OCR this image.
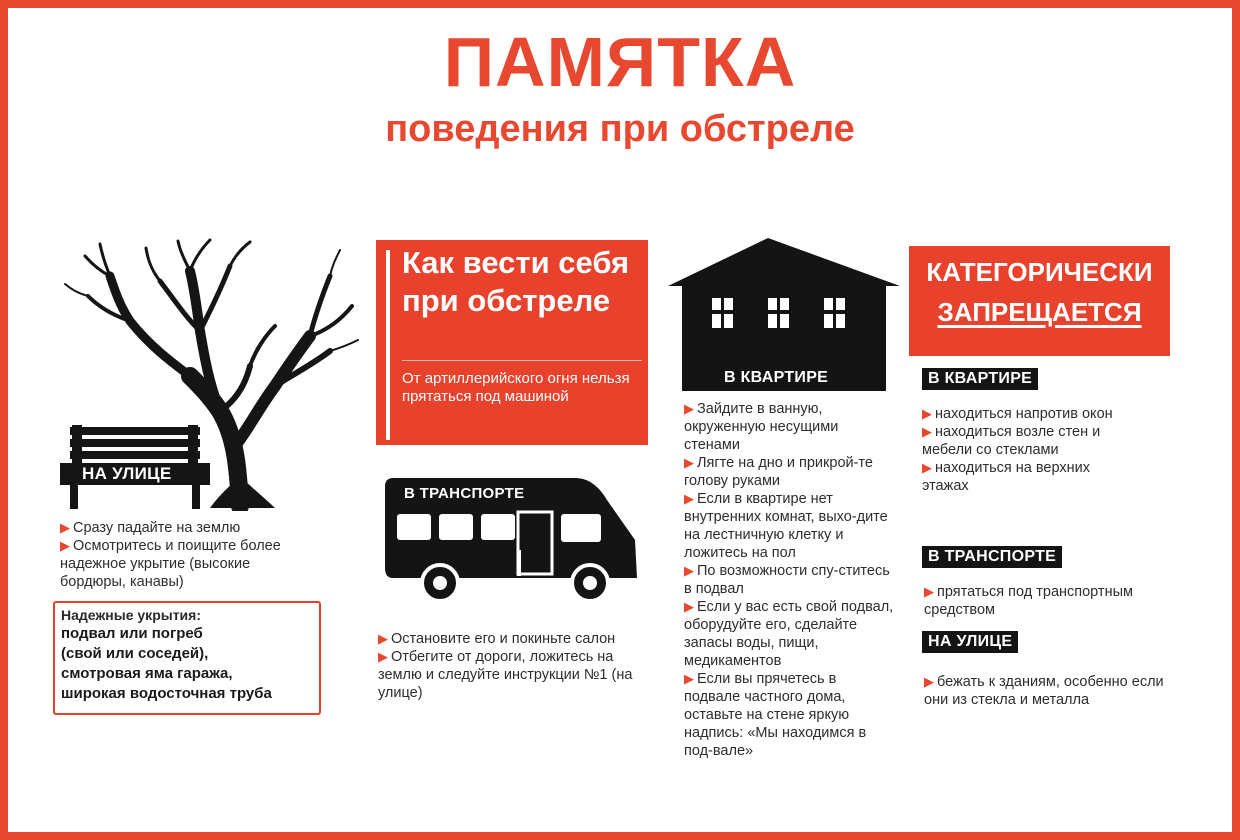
ПАМЯТКА
поведения при обстреле
НА УЛИЦЕ
▶ Сразу падайте на землю
▶ Осмотритесь и поищите более надежное укрытие (высокие бордюры, канавы)
Надежные укрытия:
подвал или погреб
(свой или соседей),
смотровая яма гаража,
широкая водосточная труба
Как вести себя при обстреле
От артиллерийского огня нельзя прятаться под машиной
В ТРАНСПОРТЕ
▶ Остановите его и покиньте салон
▶ Отбегите от дороги, ложитесь на землю и следуйте инструкции №1 (на улице)
В КВАРТИРЕ
▶ Зайдите в ванную, окруженную несущими стенами
▶ Лягте на дно и прикрой-те голову руками
▶ Если в квартире нет внутренних комнат, выхо-дите на лестничную клетку и ложитесь на пол
▶ По возможности спу-ститесь в подвал
▶ Если у вас есть свой подвал, оборудуйте его, сделайте запасы воды, пищи, медикаментов
▶ Если вы прячетесь в подвале частного дома, оставьте на стене яркую надпись: «Мы находимся в под-вале»
КАТЕГОРИЧЕСКИ
ЗАПРЕЩАЕТСЯ
В КВАРТИРЕ
▶ находиться напротив окон
▶ находиться возле стен и мебели со стеклами
▶ находиться на верхних этажах
В ТРАНСПОРТЕ
▶ прятаться под транспортным средством
НА УЛИЦЕ
▶ бежать к зданиям, особенно если они из стекла и металла
